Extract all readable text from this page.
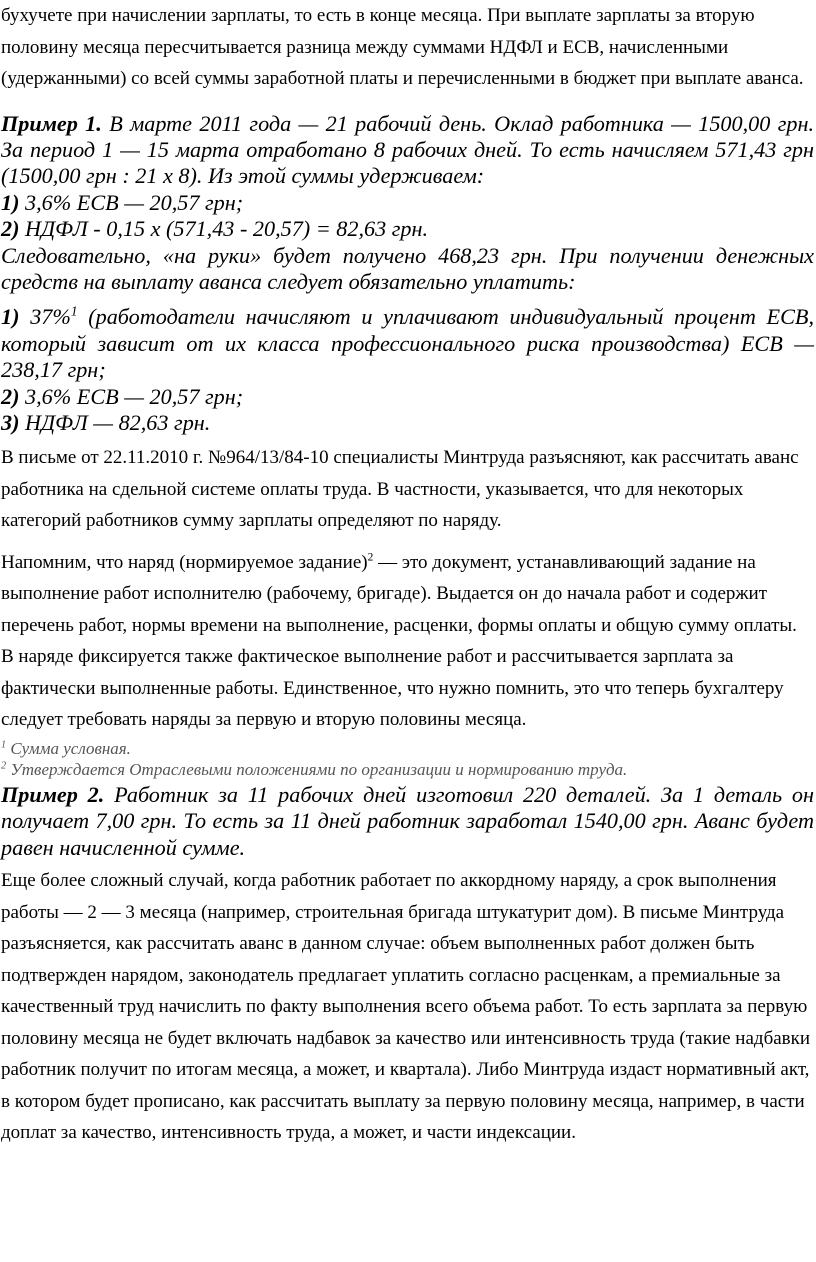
бухучете при начислении зарплаты, то есть в конце месяца. При выплате зарплаты за вторую половину месяца пересчитывается разница между суммами НДФЛ и ЕСВ, начисленными (удержанными) со всей суммы заработной платы и перечисленными в бюджет при выплате аванса.

Пример 1. В марте 2011 года — 21 рабочий день. Оклад работника — 1500,00 грн. За период 1 — 15 марта отработано 8 рабочих дней. То есть начисляем 571,43 грн (1500,00 грн : 21 х 8). Из этой суммы удерживаем:

1) 3,6% ЕСВ — 20,57 грн;

2) НДФЛ - 0,15 х (571,43 - 20,57) = 82,63 грн.

Следовательно, «на руки» будет получено 468,23 грн. При получении денежных средств на выплату аванса следует обязательно уплатить:

1) 37%$^1$ (работодатели начисляют и уплачивают индивидуальный процент ЕСВ, который зависит от их класса профессионального риска производства) ЕСВ — 238,17 грн;

2) 3,6% ЕСВ — 20,57 грн;

3) НДФЛ — 82,63 грн.

В письме от 22.11.2010 г. №964/13/84-10 специалисты Минтруда разъясняют, как рассчитать аванс работника на сдельной системе оплаты труда. В частности, указывается, что для некоторых категорий работников сумму зарплаты определяют по наряду.

Напомним, что наряд (нормируемое задание)$^2$ — это документ, устанавливающий задание на выполнение работ исполнителю (рабочему, бригаде). Выдается он до начала работ и содержит перечень работ, нормы времени на выполнение, расценки, формы оплаты и общую сумму оплаты. В наряде фиксируется также фактическое выполнение работ и рассчитывается зарплата за фактически выполненные работы. Единственное, что нужно помнить, это что теперь бухгалтеру следует требовать наряды за первую и вторую половины месяца.

$^1$ Сумма условная.

$^2$ Утверждается Отраслевыми положениями по организации и нормированию труда.

Пример 2. Работник за 11 рабочих дней изготовил 220 деталей. За 1 деталь он получает 7,00 грн. То есть за 11 дней работник заработал 1540,00 грн. Аванс будет равен начисленной сумме.

Еще более сложный случай, когда работник работает по аккордному наряду, а срок выполнения работы — 2 — 3 месяца (например, строительная бригада штукатурит дом). В письме Минтруда разъясняется, как рассчитать аванс в данном случае: объем выполненных работ должен быть подтвержден нарядом, законодатель предлагает уплатить согласно расценкам, а премиальные за качественный труд начислить по факту выполнения всего объема работ. То есть зарплата за первую половину месяца не будет включать надбавок за качество или интенсивность труда (такие надбавки работник получит по итогам месяца, а может, и квартала). Либо Минтруда издаст нормативный акт, в котором будет прописано, как рассчитать выплату за первую половину месяца, например, в части доплат за качество, интенсивность труда, а может, и части индексации.
